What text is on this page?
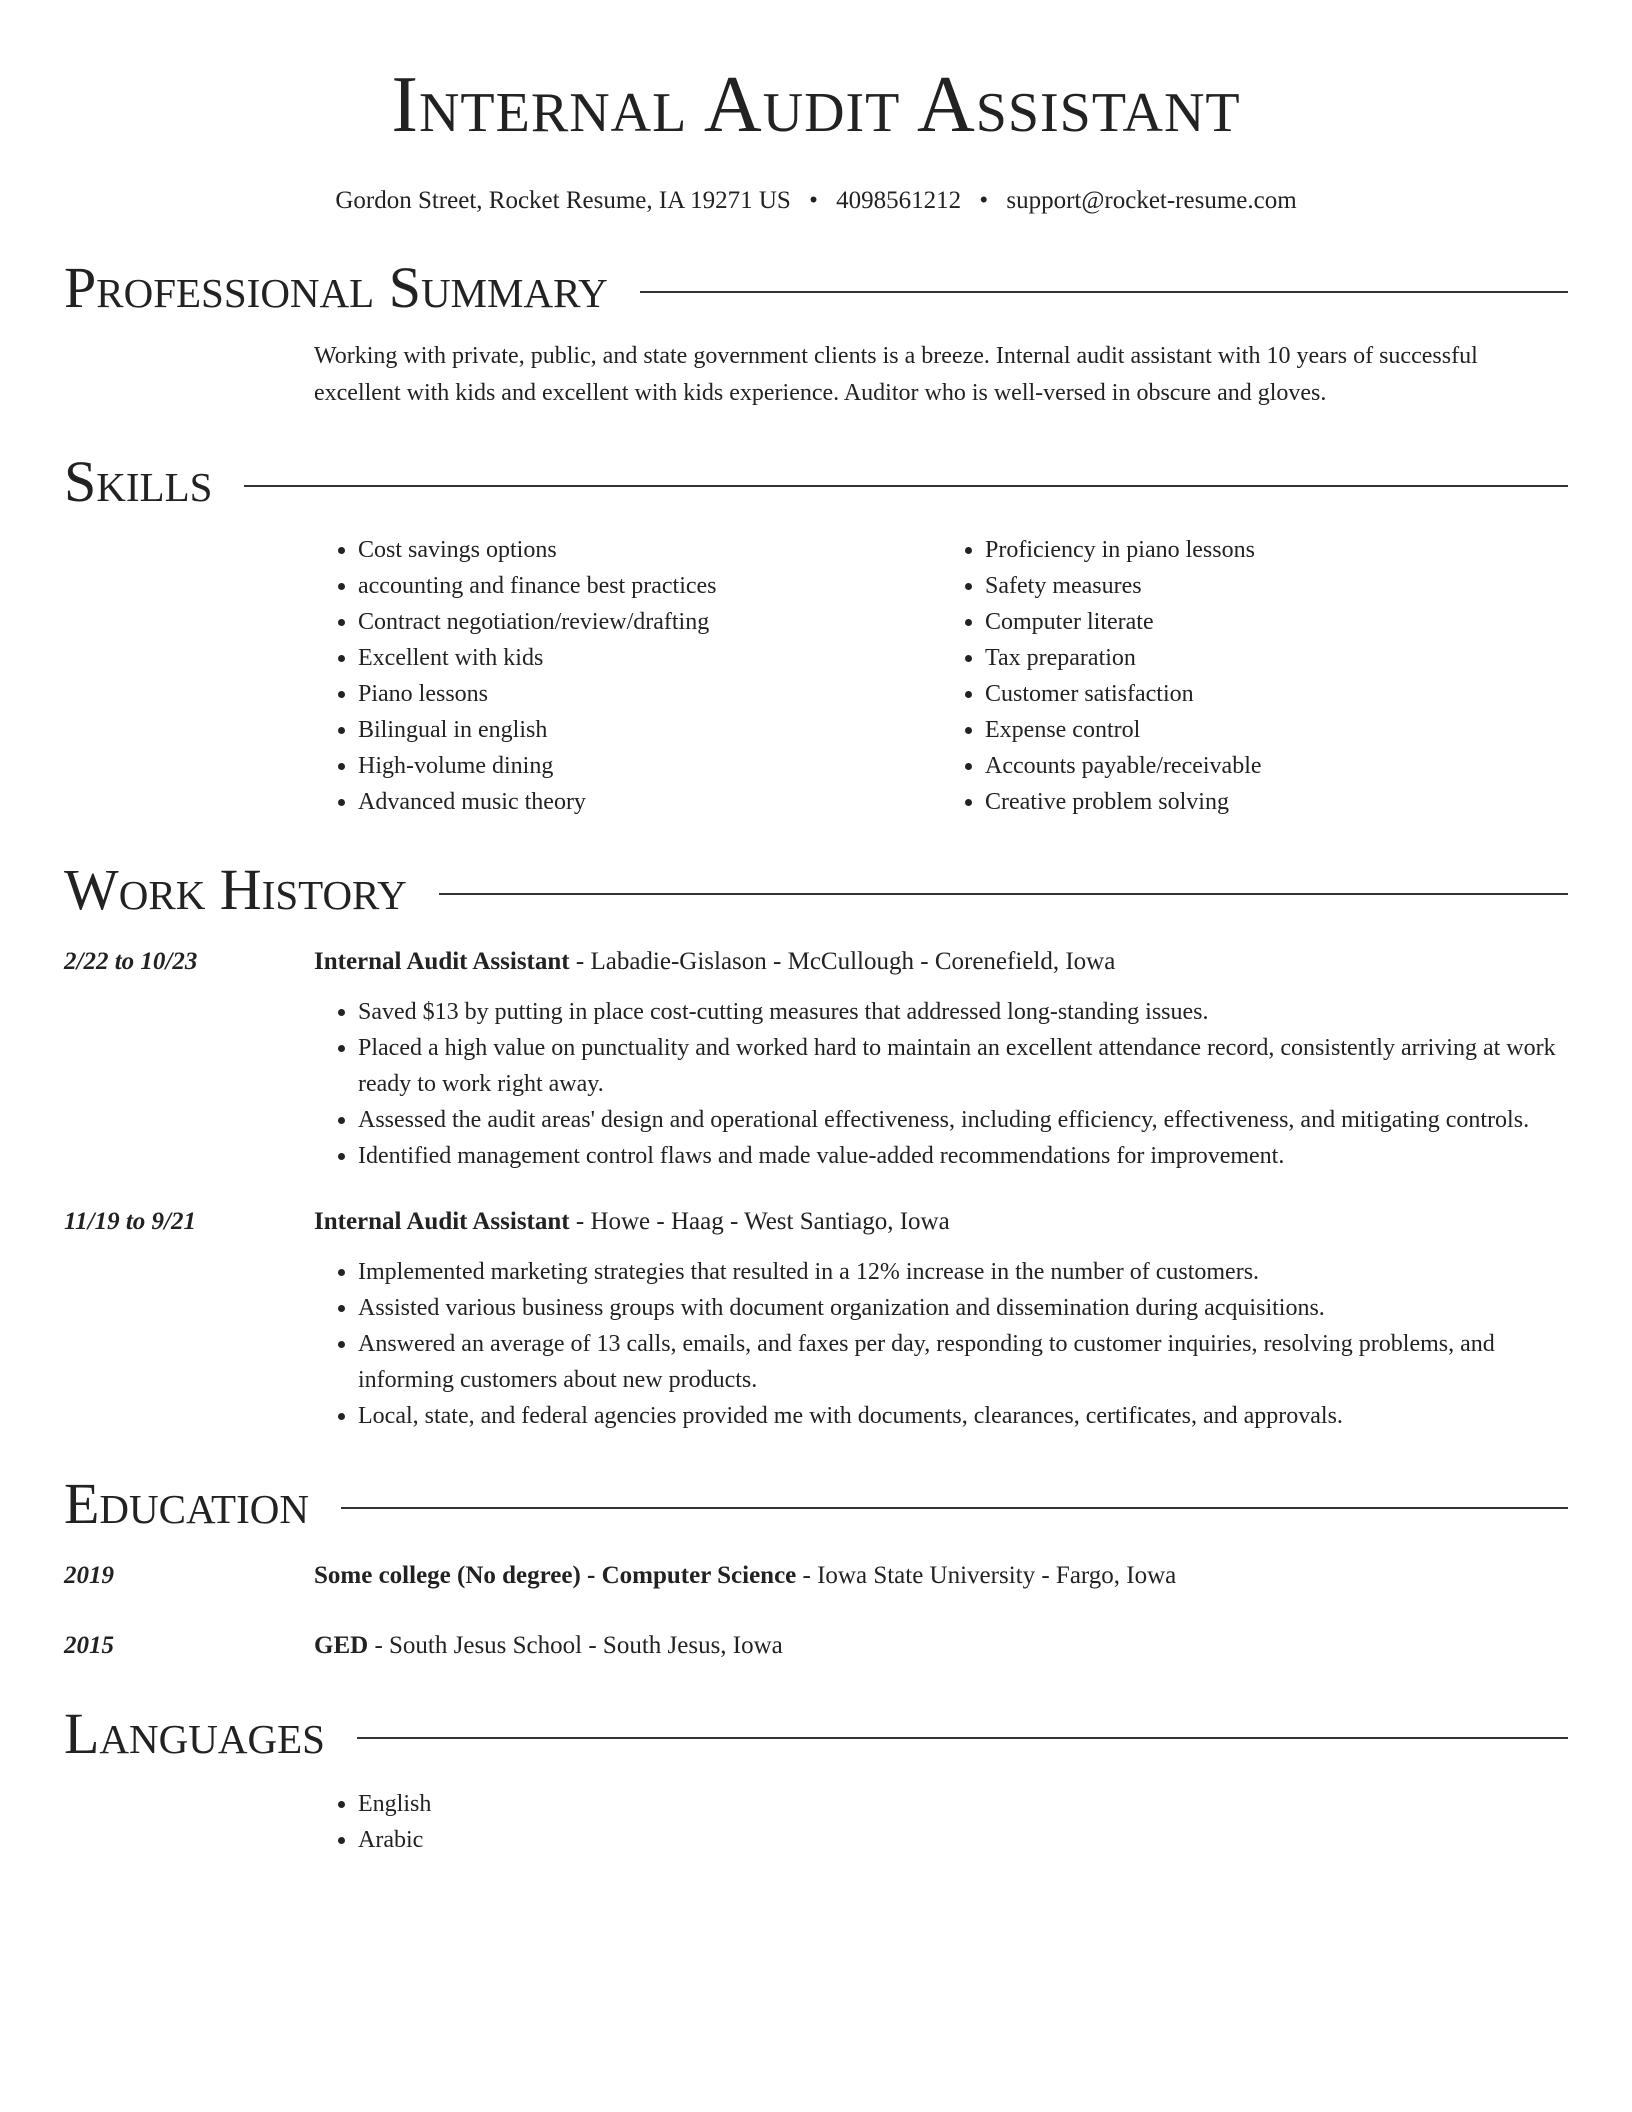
Internal Audit Assistant
Gordon Street, Rocket Resume, IA 19271 US • 4098561212 • support@rocket-resume.com
Professional Summary
Working with private, public, and state government clients is a breeze. Internal audit assistant with 10 years of successful excellent with kids and excellent with kids experience. Auditor who is well-versed in obscure and gloves.
Skills
• Cost savings options
• accounting and finance best practices
• Contract negotiation/review/drafting
• Excellent with kids
• Piano lessons
• Bilingual in english
• High-volume dining
• Advanced music theory
• Proficiency in piano lessons
• Safety measures
• Computer literate
• Tax preparation
• Customer satisfaction
• Expense control
• Accounts payable/receivable
• Creative problem solving
Work History
2/22 to 10/23	Internal Audit Assistant - Labadie-Gislason - McCullough - Corenefield, Iowa
• Saved $13 by putting in place cost-cutting measures that addressed long-standing issues.
• Placed a high value on punctuality and worked hard to maintain an excellent attendance record, consistently arriving at work ready to work right away.
• Assessed the audit areas' design and operational effectiveness, including efficiency, effectiveness, and mitigating controls.
• Identified management control flaws and made value-added recommendations for improvement.
11/19 to 9/21	Internal Audit Assistant - Howe - Haag - West Santiago, Iowa
• Implemented marketing strategies that resulted in a 12% increase in the number of customers.
• Assisted various business groups with document organization and dissemination during acquisitions.
• Answered an average of 13 calls, emails, and faxes per day, responding to customer inquiries, resolving problems, and informing customers about new products.
• Local, state, and federal agencies provided me with documents, clearances, certificates, and approvals.
Education
2019	Some college (No degree) - Computer Science - Iowa State University - Fargo, Iowa
2015	GED - South Jesus School - South Jesus, Iowa
Languages
• English
• Arabic
